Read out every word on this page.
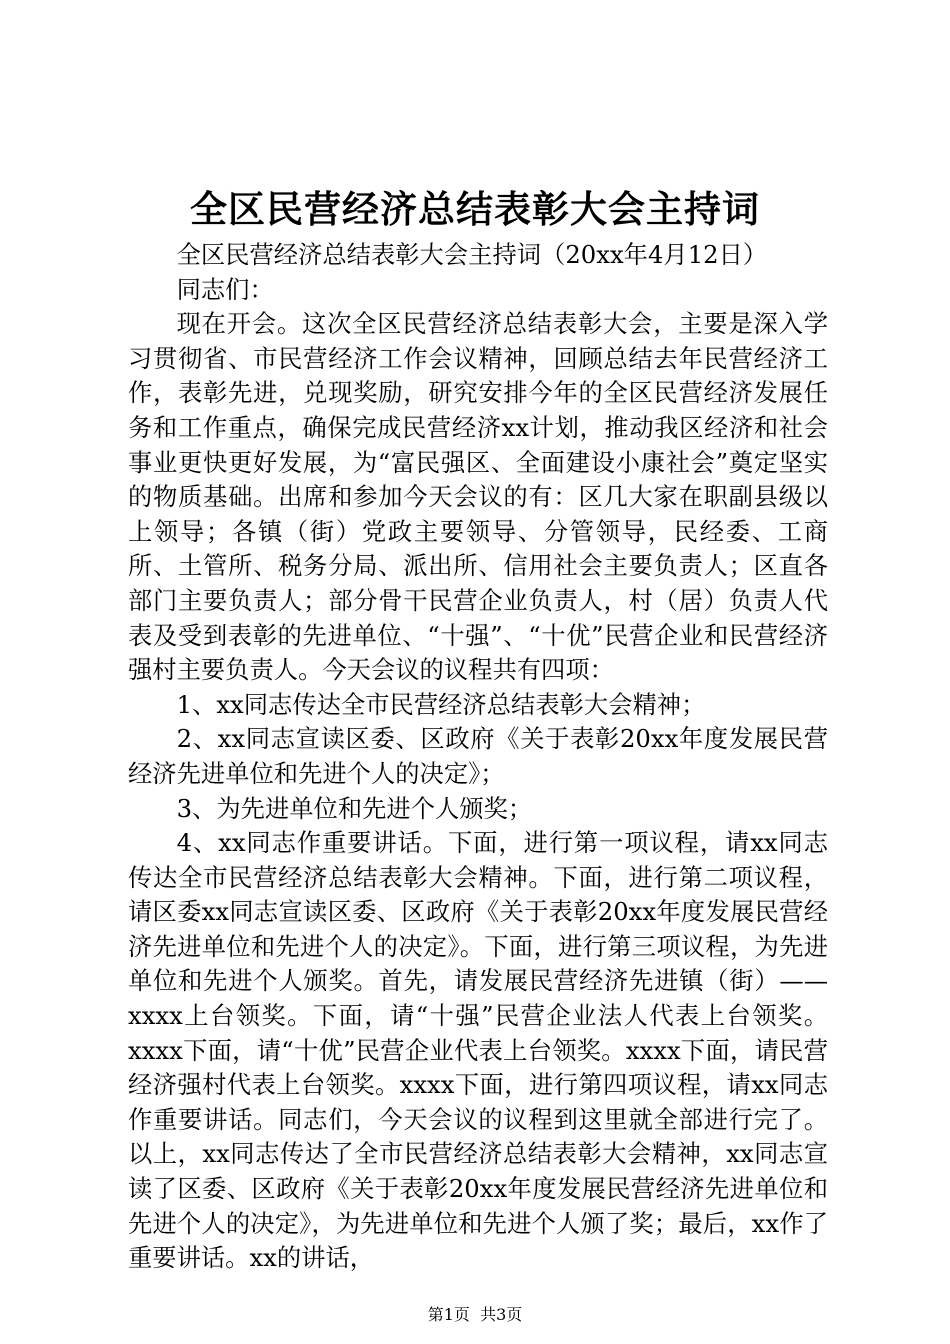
全区民营经济总结表彰大会主持词

全区民营经济总结表彰大会主持词（20xx年4月12日）

同志们：

现在开会。这次全区民营经济总结表彰大会，主要是深入学习贯彻省、市民营经济工作会议精神，回顾总结去年民营经济工作，表彰先进，兑现奖励，研究安排今年的全区民营经济发展任务和工作重点，确保完成民营经济xx计划，推动我区经济和社会事业更快更好发展，为“富民强区、全面建设小康社会”奠定坚实的物质基础。出席和参加今天会议的有：区几大家在职副县级以上领导；各镇（街）党政主要领导、分管领导，民经委、工商所、土管所、税务分局、派出所、信用社会主要负责人；区直各部门主要负责人；部分骨干民营企业负责人，村（居）负责人代表及受到表彰的先进单位、“十强”、“十优”民营企业和民营经济强村主要负责人。今天会议的议程共有四项：

1、xx同志传达全市民营经济总结表彰大会精神；

2、xx同志宣读区委、区政府《关于表彰20xx年度发展民营经济先进单位和先进个人的决定》；

3、为先进单位和先进个人颁奖；

4、xx同志作重要讲话。下面，进行第一项议程，请xx同志传达全市民营经济总结表彰大会精神。下面，进行第二项议程，请区委xx同志宣读区委、区政府《关于表彰20xx年度发展民营经济先进单位和先进个人的决定》。下面，进行第三项议程，为先进单位和先进个人颁奖。首先，请发展民营经济先进镇（街）——xxxx上台领奖。下面，请“十强”民营企业法人代表上台领奖。xxxx下面，请“十优”民营企业代表上台领奖。xxxx下面，请民营经济强村代表上台领奖。xxxx下面，进行第四项议程，请xx同志作重要讲话。同志们，今天会议的议程到这里就全部进行完了。以上，xx同志传达了全市民营经济总结表彰大会精神，xx同志宣读了区委、区政府《关于表彰20xx年度发展民营经济先进单位和先进个人的决定》，为先进单位和先进个人颁了奖；最后，xx作了重要讲话。xx的讲话，

第1页  共3页
